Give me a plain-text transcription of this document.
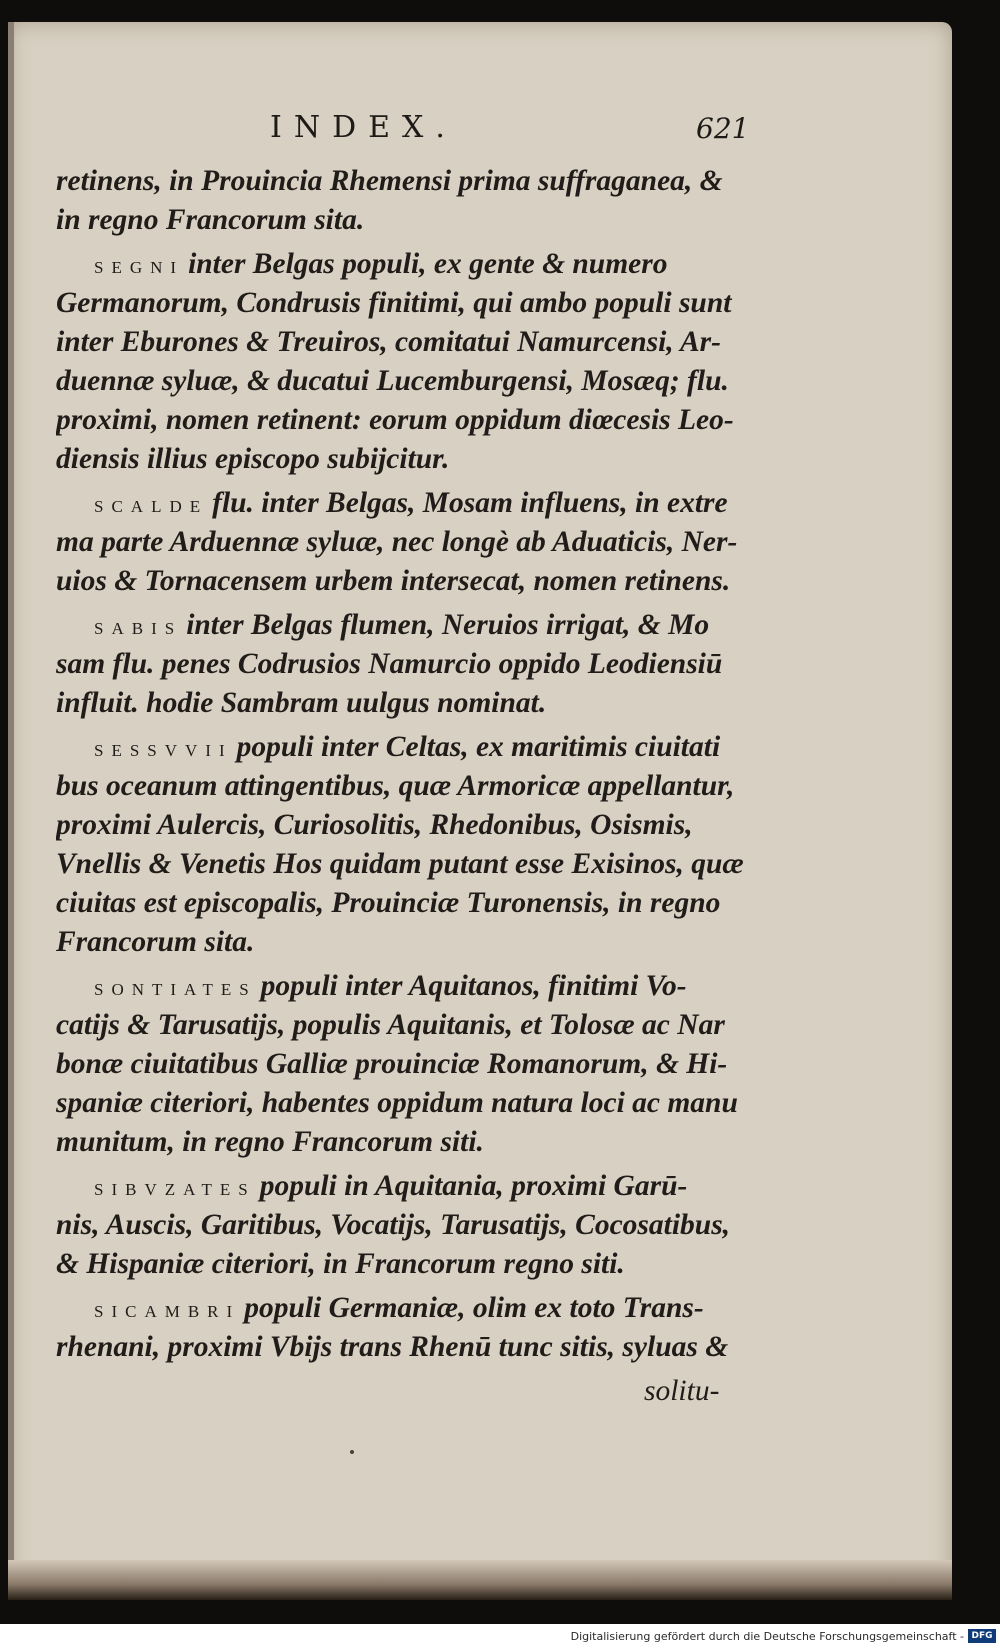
INDEX.	621
retinens, in Prouincia Rhemensi prima suffraganea, &
in regno Francorum sita.
SEGNI inter Belgas populi, ex gente & numero
Germanorum, Condrusis finitimi, qui ambo populi sunt
inter Eburones & Treuiros, comitatui Namurcensi, Ar-
duennæ syluæ, & ducatui Lucemburgensi, Mosæq; flu.
proximi, nomen retinent: eorum oppidum diœcesis Leo-
diensis illius episcopo subijcitur.
SCALDE flu. inter Belgas, Mosam influens, in extre
ma parte Arduennæ syluæ, nec longè ab Aduaticis, Ner-
uios & Tornacensem urbem intersecat, nomen retinens.
SABIS inter Belgas flumen, Neruios irrigat, & Mo
sam flu. penes Codrusios Namurcio oppido Leodiensiū
influit. hodie Sambram uulgus nominat.
SESSVVII populi inter Celtas, ex maritimis ciuitati
bus oceanum attingentibus, quæ Armoricæ appellantur,
proximi Aulercis, Curiosolitis, Rhedonibus, Osismis,
Vnellis & Venetis Hos quidam putant esse Exisinos, quæ
ciuitas est episcopalis, Prouinciæ Turonensis, in regno
Francorum sita.
SONTIATES populi inter Aquitanos, finitimi Vo-
catijs & Tarusatijs, populis Aquitanis, et Tolosæ ac Nar
bonæ ciuitatibus Galliæ prouinciæ Romanorum, & Hi-
spaniæ citeriori, habentes oppidum natura loci ac manu
munitum, in regno Francorum siti.
SIBVZATES populi in Aquitania, proximi Garū-
nis, Auscis, Garitibus, Vocatijs, Tarusatijs, Cocosatibus,
& Hispaniæ citeriori, in Francorum regno siti.
SICAMBRI populi Germaniæ, olim ex toto Trans-
rhenani, proximi Vbijs trans Rhenū tunc sitis, syluas &
solitu-
Digitalisierung gefördert durch die Deutsche Forschungsgemeinschaft - DFG
